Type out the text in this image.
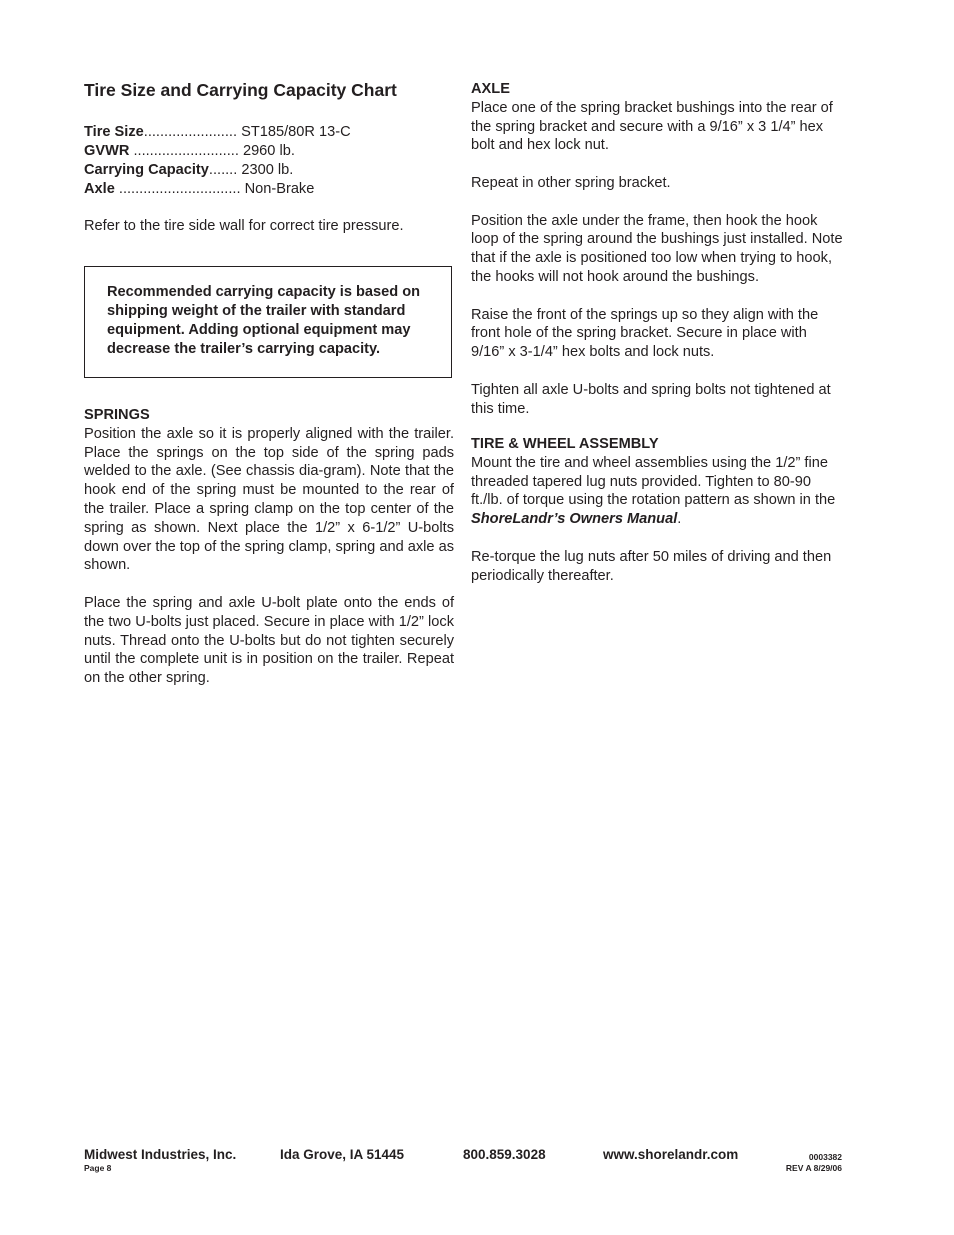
Tire Size and Carrying Capacity Chart
Tire Size....................... ST185/80R 13-C
GVWR .......................... 2960 lb.
Carrying Capacity....... 2300 lb.
Axle .............................. Non-Brake

Refer to the tire side wall for correct tire pressure.

Recommended carrying capacity is based on shipping weight of the trailer with standard equipment. Adding optional equipment may decrease the trailer’s carrying capacity.

SPRINGS

Position the axle so it is properly aligned with the trailer. Place the springs on the top side of the spring pads welded to the axle. (See chassis dia-gram). Note that the hook end of the spring must be mounted to the rear of the trailer. Place a spring clamp on the top center of the spring as shown. Next place the 1/2” x 6-1/2” U-bolts down over the top of the spring clamp, spring and axle as shown.

Place the spring and axle U-bolt plate onto the ends of the two U-bolts just placed. Secure in place with 1/2” lock nuts. Thread onto the U-bolts but do not tighten securely until the complete unit is in position on the trailer. Repeat on the other spring.

AXLE

Place one of the spring bracket bushings into the rear of the spring bracket and secure with a 9/16” x 3 1/4” hex bolt and hex lock nut.

Repeat in other spring bracket.

Position the axle under the frame, then hook the hook loop of the spring around the bushings just installed. Note that if the axle is positioned too low when trying to hook, the hooks will not hook around the bushings.

Raise the front of the springs up so they align with the front hole of the spring bracket. Secure in place with 9/16” x 3-1/4” hex bolts and lock nuts.

Tighten all axle U-bolts and spring bolts not tightened at this time.

TIRE & WHEEL ASSEMBLY

Mount the tire and wheel assemblies using the 1/2” fine threaded tapered lug nuts provided. Tighten to 80-90 ft./lb. of torque using the rotation pattern as shown in the ShoreLandr’s Owners Manual.

Re-torque the lug nuts after 50 miles of driving and then periodically thereafter.

Midwest Industries, Inc.	Ida Grove, IA 51445	800.859.3028	www.shorelandr.com
Page 8
0003382
REV A 8/29/06
